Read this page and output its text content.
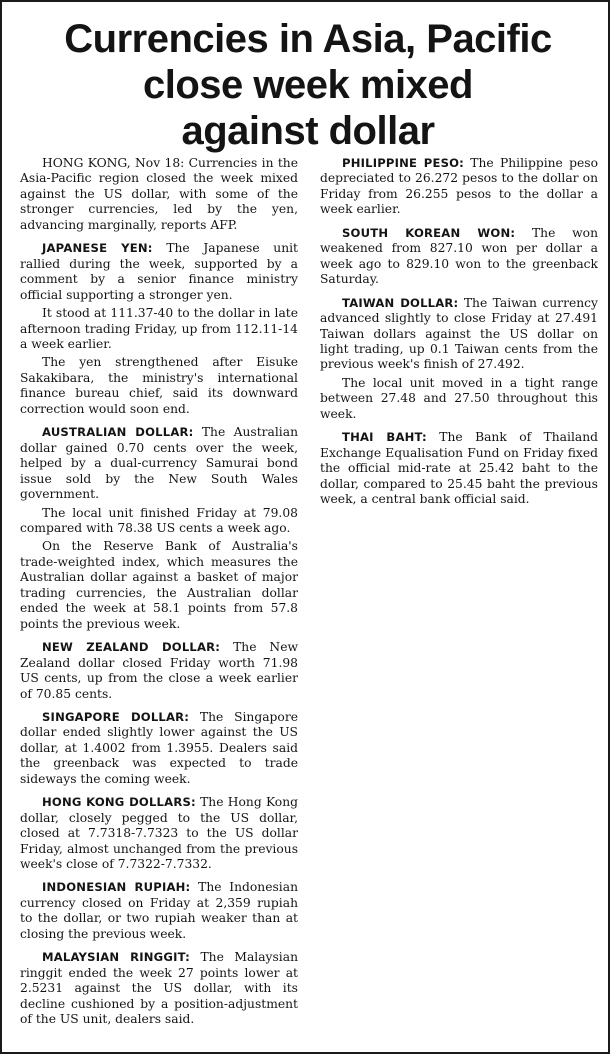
Currencies in Asia, Pacific
close week mixed
against dollar

HONG KONG, Nov 18: Currencies in the Asia-Pacific region closed the week mixed against the US dollar, with some of the stronger currencies, led by the yen, advancing marginally, reports AFP.

JAPANESE YEN: The Japanese unit rallied during the week, supported by a comment by a senior finance ministry official supporting a stronger yen.

It stood at 111.37-40 to the dollar in late afternoon trading Friday, up from 112.11-14 a week earlier.

The yen strengthened after Eisuke Sakakibara, the ministry's international finance bureau chief, said its downward correction would soon end.

AUSTRALIAN DOLLAR: The Australian dollar gained 0.70 cents over the week, helped by a dual-currency Samurai bond issue sold by the New South Wales government.

The local unit finished Friday at 79.08 compared with 78.38 US cents a week ago.

On the Reserve Bank of Australia's trade-weighted index, which measures the Australian dollar against a basket of major trading currencies, the Australian dollar ended the week at 58.1 points from 57.8 points the previous week.

NEW ZEALAND DOLLAR: The New Zealand dollar closed Friday worth 71.98 US cents, up from the close a week earlier of 70.85 cents.

SINGAPORE DOLLAR: The Singapore dollar ended slightly lower against the US dollar, at 1.4002 from 1.3955. Dealers said the greenback was expected to trade sideways the coming week.

HONG KONG DOLLARS: The Hong Kong dollar, closely pegged to the US dollar, closed at 7.7318-7.7323 to the US dollar Friday, almost unchanged from the previous week's close of 7.7322-7.7332.

INDONESIAN RUPIAH: The Indonesian currency closed on Friday at 2,359 rupiah to the dollar, or two rupiah weaker than at closing the previous week.

MALAYSIAN RINGGIT: The Malaysian ringgit ended the week 27 points lower at 2.5231 against the US dollar, with its decline cushioned by a position-adjustment of the US unit, dealers said.

PHILIPPINE PESO: The Philippine peso depreciated to 26.272 pesos to the dollar on Friday from 26.255 pesos to the dollar a week earlier.

SOUTH KOREAN WON: The won weakened from 827.10 won per dollar a week ago to 829.10 won to the greenback Saturday.

TAIWAN DOLLAR: The Taiwan currency advanced slightly to close Friday at 27.491 Taiwan dollars against the US dollar on light trading, up 0.1 Taiwan cents from the previous week's finish of 27.492.

The local unit moved in a tight range between 27.48 and 27.50 throughout this week.

THAI BAHT: The Bank of Thailand Exchange Equalisation Fund on Friday fixed the official mid-rate at 25.42 baht to the dollar, compared to 25.45 baht the previous week, a central bank official said.
